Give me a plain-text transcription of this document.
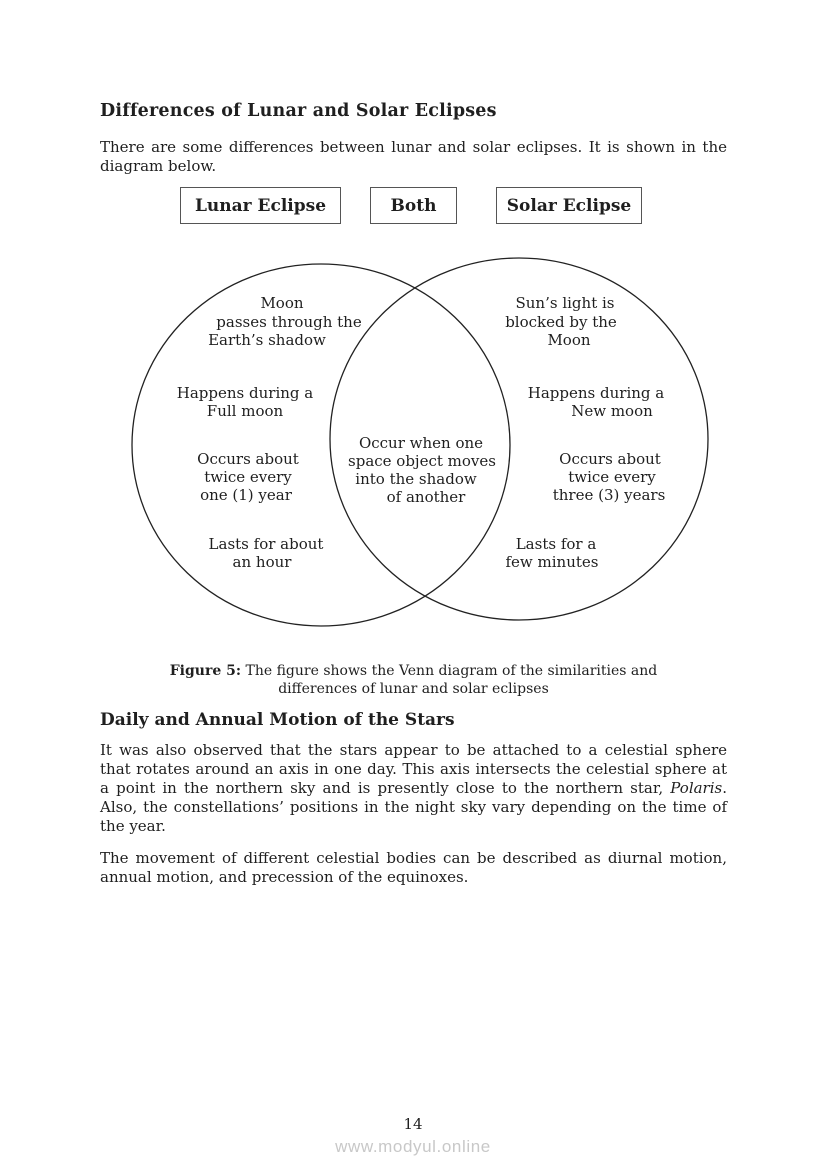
Differences of Lunar and Solar Eclipses

There are some differences between lunar and solar eclipses. It is shown in the diagram below.

Lunar Eclipse	Both	Solar Eclipse
Moon
passes through the
Earth’s shadow
Happens during a
Full moon
Occurs about
twice every
one (1) year
Lasts for about
an hour
Occur when one
space object moves
into the shadow
of another
Sun’s light is
blocked by the
Moon
Happens during a
New moon
Occurs about
twice every
three (3) years
Lasts for a
few minutes
Figure 5: The figure shows the Venn diagram of the similarities and
differences of lunar and solar eclipses
Daily and Annual Motion of the Stars

It was also observed that the stars appear to be attached to a celestial sphere that rotates around an axis in one day. This axis intersects the celestial sphere at a point in the northern sky and is presently close to the northern star, Polaris. Also, the constellations’ positions in the night sky vary depending on the time of the year.

The movement of different celestial bodies can be described as diurnal motion, annual motion, and precession of the equinoxes.

14
www.modyul.online
